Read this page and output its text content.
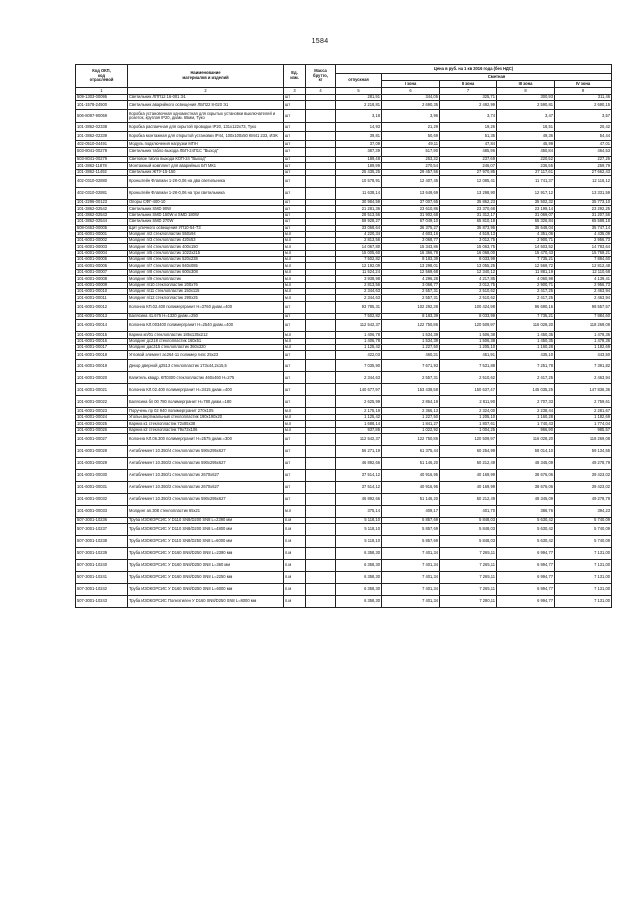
1584
Код ОКП,
код
отраслевой	Наименование
материалов и изделий	Ед.
изм.	Масса
брутто,
кг	Цена в руб. на 1 кв 2016 года (без НДС)				
				отпускная	Сметная			
					I зона	II зона	III зона	IV зона
1	2	3	4	5	6	7	8	9
509-1303-00095	Светильник ЛПП12 16-001 Э1	шт		281,91	344,05	325,71	300,93	311,46
101-1578-24500	Светильник аварийного освещения ЛБП22 8-020 Э1	шт		2 218,81	2 690,35	2 492,99	2 590,81	2 690,15
506-8097-90059	Коробка установочная одноместная для скрытых установки выключателей и розеток, круглая IP20, диам. 65мм, Туко	шт		3,18	3,96	3,74	3,47	3,57
101-3862-02338	Коробка распаечная для скрытой проводки IP20, 131х122х73, Туко	шт		14,93	21,29	19,26	18,51	20,42
101-3862-02339	Коробка монтажная для открытой установки IP44, 100х100х50 КМ41 233, ИЭК	шт		39,81	50,69	51,35	49,36	54,44
402-0510-04491	Модуль подключения нагрузки МПН	шт		37,09	49,11	47,84	45,99	47,01
503-8041-00278	Светильник табло выхода ЛБП-24П1С "Выход"	шт		387,39	517,90	485,96	450,84	464,53
503-8041-00279	Световое табло выхода КОП-24 "Выход"	шт		189,48	253,32	237,69	220,52	227,26
101-3862-11878	Монтажный комплект для аварийных БП МК1	шт		189,99	270,54	246,07	236,55	259,79
101-3862-11492	Светильник ЖТУ-15-150	шт		25 435,25	29 457,56	27 970,85	27 117,61	27 662,43
402-0310-02880	Кронштейн Флагман 1-2К-0,06 на два светильника	шт		10 578,91	12 407,45	12 085,41	11 741,37	12 116,12
402-0310-02881	Кронштейн Флагман 1-2К-0,06 на три светильника	шт		11 638,14	13 649,69	13 298,90	12 917,12	13 331,59
101-2296-00123	Опоры СФГ-400-10	шт		30 984,59	37 007,65	35 862,23	35 502,32	35 773,10
101-3862-02542	Светильник SMD 90W	шт		21 281,36	23 610,86	23 370,68	23 199,14	23 292,25
101-3862-02543	Светильник SMD 150W и SMD 180W	шт		28 513,56	31 902,68	31 312,17	31 069,07	31 207,56
101-3862-02544	Светильник SMD 270W	шт		59 928,27	67 049,10	65 810,18	65 326,84	65 588,18
508-0463-00005	Щит уличного освещения УП10-54-Т3	шт		33 068,64	36 375,27	35 873,95	35 648,04	35 747,14
101-6001-00001	Молдинг л/2 стеклопластик 550х94	м.п		4 220,34	4 603,16	4 519,13	4 351,06	4 435,09
101-6001-00002	Молдинг п/3 стеклопластик 420х53	м.п		2 813,56	3 068,77	3 012,75	2 900,71	2 956,73
101-6001-00003	Молдинг п/4 стеклопластик 400х150	м.п		14 067,80	15 343,86	15 063,75	14 503,52	14 783,64
101-6001-00004	Молдинг п/5 стеклопластик 1022х215	м.п		15 005,60	16 366,78	16 068,00	15 470,43	15 769,21
101-6001-00005	Молдинг п/6 стеклопластик 520х238	м.п		7 502,82	8 183,39	8 033,99	7 735,21	7 884,60
101-6001-00006	Молдинг п/7 стеклопластик 940х085	м.п		12 192,09	13 298,01	13 055,25	12 569,72	12 812,48
101-6001-00007	Молдинг п/8 стеклопластик 600х308	м.п		11 524,24	12 569,68	12 340,12	11 881,19	12 110,68
101-6001-00008	Молдинг п/9 стеклопластик	м.п		3 938,98	4 296,28	4 217,85	4 060,98	4 139,41
101-6001-00009	Молдинг п/10 стеклопластик 200х76	м.п		2 813,56	3 068,77	3 012,75	2 900,71	2 956,73
101-6001-00010	Молдинг п/11 стеклопластик 150х115	м.п		2 344,63	2 557,31	2 510,62	2 417,25	2 463,94
101-6001-00011	Молдинг п/12 стеклопластик 290х25	м.п		2 344,63	2 557,31	2 510,62	2 417,25	2 463,94
101-6001-00012	Колонна КП.02.400 полимергранит Н=3760 диам.=400	шт		93 785,31	102 292,38	100 424,98	96 690,16	98 557,57
101-6001-00013	Балясина 41.675 Н=1320 диам.=250	шт		7 502,82	8 183,39	8 033,99	7 735,21	7 884,60
101-6001-00014	Колонна КЛ.003400 полимергранит Н=2540 диам.=400	шт		112 542,37	122 750,86	120 509,97	116 028,20	118 269,08
101-6001-00015	Карниз кп/01 стеклопластик 185х135х212	м.п		1 406,78	1 534,39	1 506,38	1 450,35	1 478,36
101-6001-00016	Молдинг дс218 стеклопластик 160х51	м.п		1 406,78	1 534,39	1 506,38	1 450,35	1 478,36
101-6001-00017	Молдинг дас315 стеклопластик 360х320	м.п		1 125,42	1 227,50	1 205,10	1 160,28	1 182,69
101-6001-00018	Угловой элемент ас264-11 полимер гипс 25х23	шт		422,03	460,31	451,91	435,10	443,50
101-6001-00019	Декор дверной д2513 стеклопластик 173х44,2х15,5	шт		7 035,90	7 671,93	7 531,88	7 251,78	7 391,82
101-6001-00020	Капитель квадр. КП0300 стеклопластик 460х460 Н=275	шт		2 344,63	2 557,31	2 510,62	2 417,25	2 463,94
101-6001-00021	Колонна КЛ.02.400 полимергранит Н=3415 диам.=400	шт		140 677,97	153 438,58	150 637,47	145 035,25	147 836,36
101-6001-00022	Балясина бл 00 780 полимергранит Н=780 диам.=180	шт		2 625,99	2 864,19	2 811,90	2 707,33	2 759,61
101-6001-00023	Поручень пр 02 940 полимергранит 270х105	м.п		2 175,19	2 366,13	2 324,00	2 238,44	2 281,67
101-6001-00024	Угольн.вертикальный стеклопластик 190х190х20	м.п		1 125,42	1 227,50	1 205,10	1 160,28	1 182,69
101-6001-00025	Карниз к1 стеклопластик 72х85х38	м.п		1 688,14	1 841,27	1 807,61	1 740,43	1 774,04
101-6001-00026	Карниз к2 стеклопластик 79х73х106	м.п		937,85	1 022,92	1 004,25	966,90	985,57
101-6001-00027	Колонна КЛ.06.300 полимергранит Н=2575 диам.=300	шт		112 542,37	122 750,86	120 509,97	116 028,20	118 269,08
101-6001-00028	Антаблемент 10.350/4 стеклопластик 590х295х627	шт		56 271,19	61 375,44	60 254,99	58 014,10	59 134,55
101-6001-00029	Антаблемент 10.350/2 стеклопластик 590х295х627	шт		46 892,66	51 146,20	50 212,49	48 345,09	49 278,79
101-6001-00030	Антаблемент 10.350/1 стеклопластик 2670х627	шт		37 514,12	40 916,95	40 169,99	38 676,06	39 423,02
101-6001-00031	Антаблемент 10.350/2 стеклопластик 2670х627	шт		37 514,12	40 916,95	40 169,99	38 676,06	39 423,02
101-6001-00032	Антаблемент 10.350/3 стеклопластик 590х295х627	шт		46 892,66	51 146,20	50 212,49	48 345,09	49 278,79
101-6001-00033	Молдинг ап.308 стеклопластик 65х21	м.п		375,14	409,17	401,70	386,76	394,23
507-3001-10236	Труба ИЗОКОРСИС У D110 SN8/D200 SN8 L=2390 мм	п.м		5 118,10	5 857,69	5 848,03	5 630,42	5 740,09
507-3001-10237	Труба ИЗОКОРСИС У D110 SN8/D200 SN8 L=4800 мм	п.м		5 118,10	5 857,69	5 848,03	5 630,42	5 740,09
507-3001-10238	Труба ИЗОКОРСИС У D110 SN8/D250 SN8 L=6000 мм	п.м		5 118,10	5 857,69	5 848,03	5 630,42	5 740,09
507-3001-10239	Труба ИЗОКОРСИС У D160 SN8/D250 SN8 L=2390 мм	п.м		6 358,30	7 401,34	7 265,11	6 994,77	7 131,00
507-3001-10240	Труба ИЗОКОРСИС У D160 SN8/D250 SN8 L=360 мм	п.м		6 358,30	7 401,34	7 265,11	6 994,77	7 131,00
507-3001-10241	Труба ИЗОКОРСИС У D160 SN8/D250 SN8 L=2250 мм	п.м		6 358,30	7 401,34	7 265,11	6 994,77	7 131,00
507-3001-10242	Труба ИЗОКОРСИС У D160 SN8/D250 SN8 L=6000 мм	п.м		6 358,30	7 401,34	7 265,11	6 994,77	7 131,00
507-3001-10243	Труба ИЗОКОРСИС Полиэтилен У D160 SN8/D250 SN8 L=8000 мм	п.м		6 358,30	7 401,34	7 280,11	6 994,77	7 131,00
